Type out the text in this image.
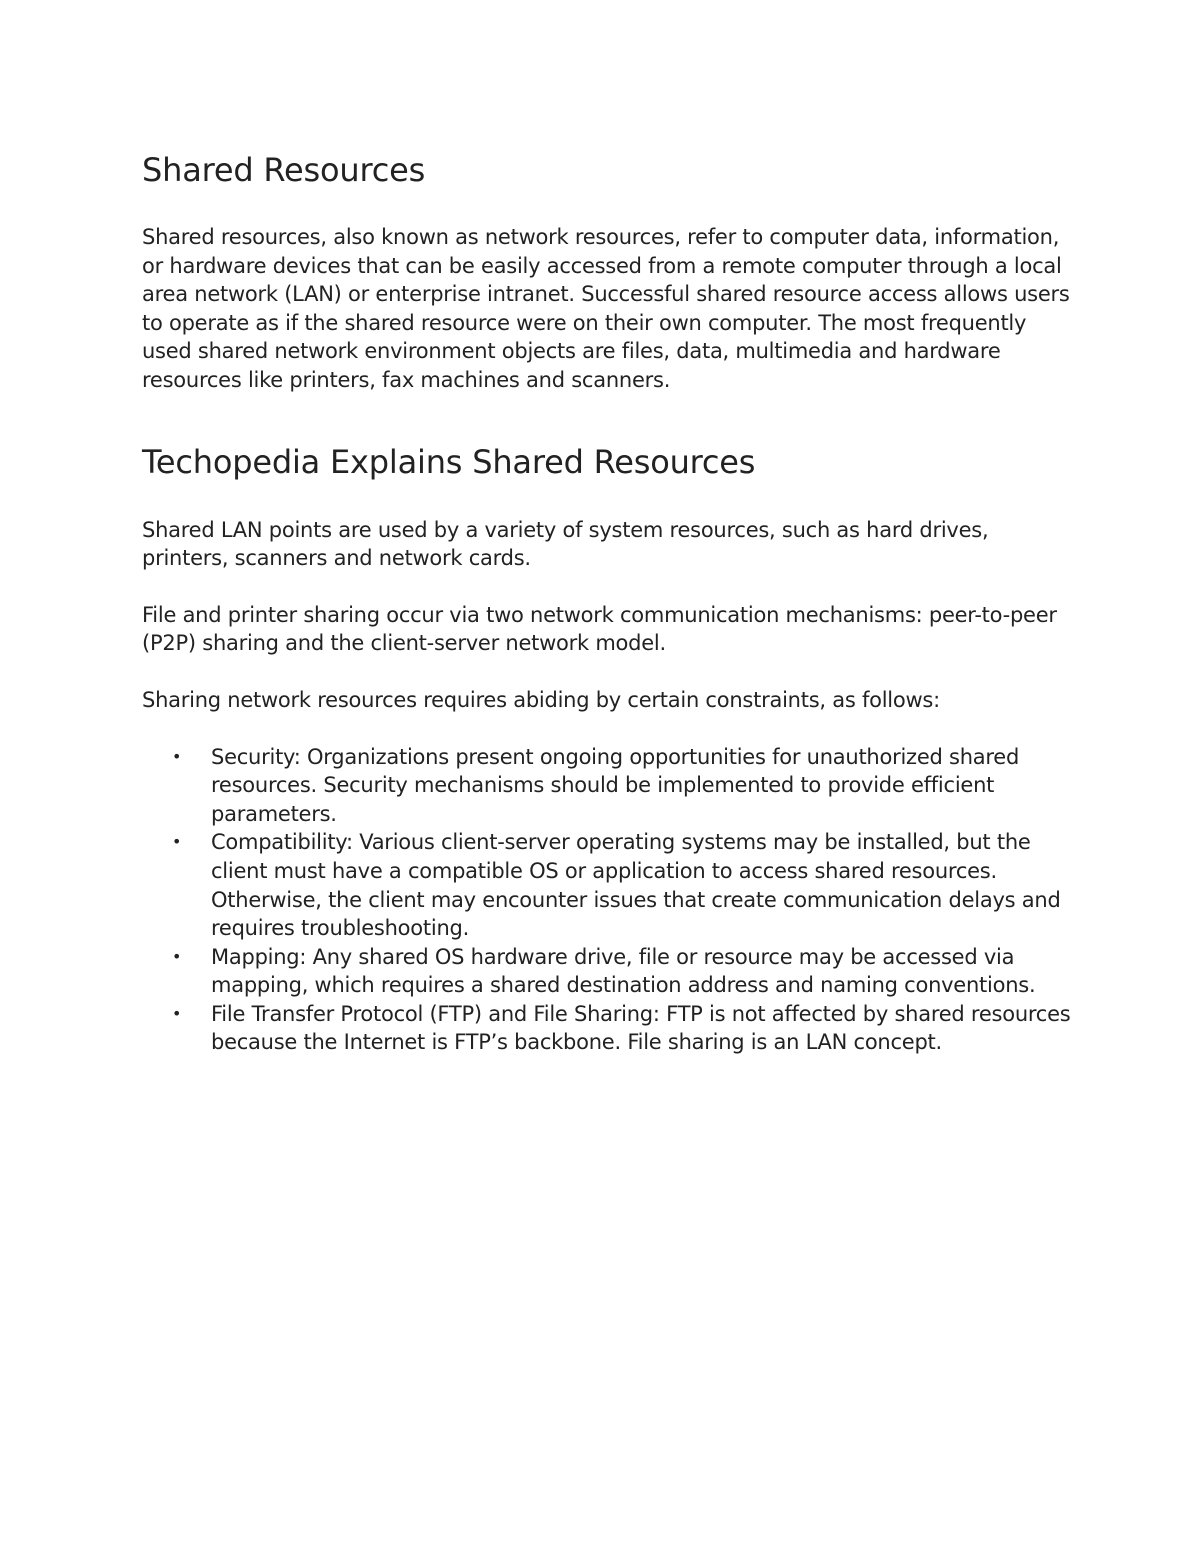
Shared Resources

Shared resources, also known as network resources, refer to computer data, information, or hardware devices that can be easily accessed from a remote computer through a local area network (LAN) or enterprise intranet. Successful shared resource access allows users to operate as if the shared resource were on their own computer. The most frequently used shared network environment objects are files, data, multimedia and hardware resources like printers, fax machines and scanners.

Techopedia Explains Shared Resources

Shared LAN points are used by a variety of system resources, such as hard drives, printers, scanners and network cards.

File and printer sharing occur via two network communication mechanisms: peer-to-peer (P2P) sharing and the client-server network model.

Sharing network resources requires abiding by certain constraints, as follows:

• Security: Organizations present ongoing opportunities for unauthorized shared resources. Security mechanisms should be implemented to provide efficient parameters.
• Compatibility: Various client-server operating systems may be installed, but the client must have a compatible OS or application to access shared resources. Otherwise, the client may encounter issues that create communication delays and requires troubleshooting.
• Mapping: Any shared OS hardware drive, file or resource may be accessed via mapping, which requires a shared destination address and naming conventions.
• File Transfer Protocol (FTP) and File Sharing: FTP is not affected by shared resources because the Internet is FTP’s backbone. File sharing is an LAN concept.
